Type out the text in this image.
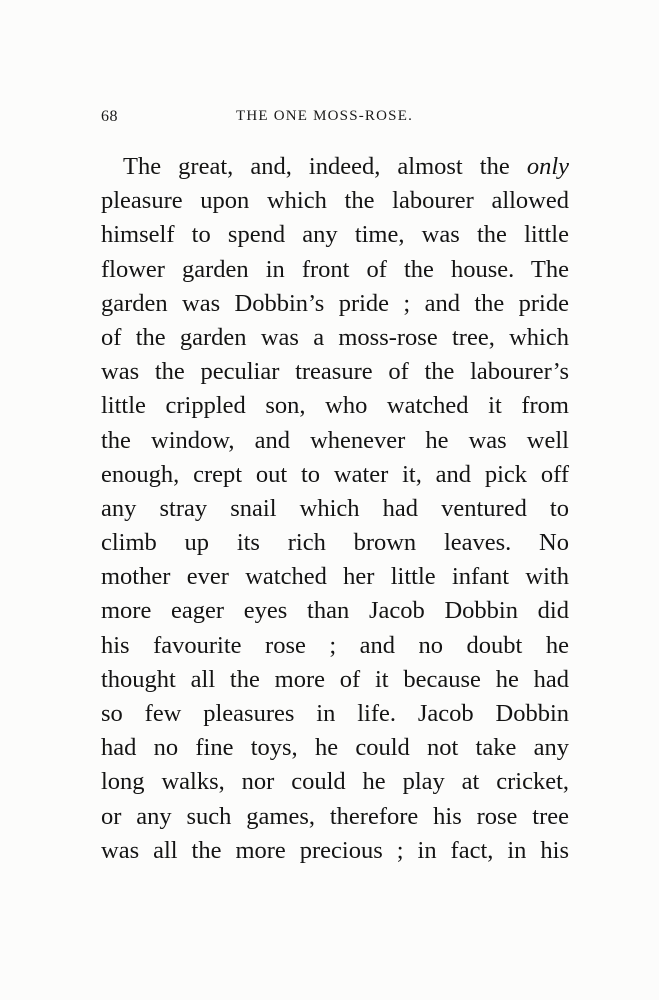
68	THE ONE MOSS-ROSE.
The great, and, indeed, almost the only
pleasure upon which the labourer allowed
himself to spend any time, was the little
flower garden in front of the house. The
garden was Dobbin’s pride ; and the pride
of the garden was a moss-rose tree, which
was the peculiar treasure of the labourer’s
little crippled son, who watched it from
the window, and whenever he was well
enough, crept out to water it, and pick off
any stray snail which had ventured to
climb up its rich brown leaves. No
mother ever watched her little infant with
more eager eyes than Jacob Dobbin did
his favourite rose ; and no doubt he
thought all the more of it because he had
so few pleasures in life. Jacob Dobbin
had no fine toys, he could not take any
long walks, nor could he play at cricket,
or any such games, therefore his rose tree
was all the more precious ; in fact, in his
